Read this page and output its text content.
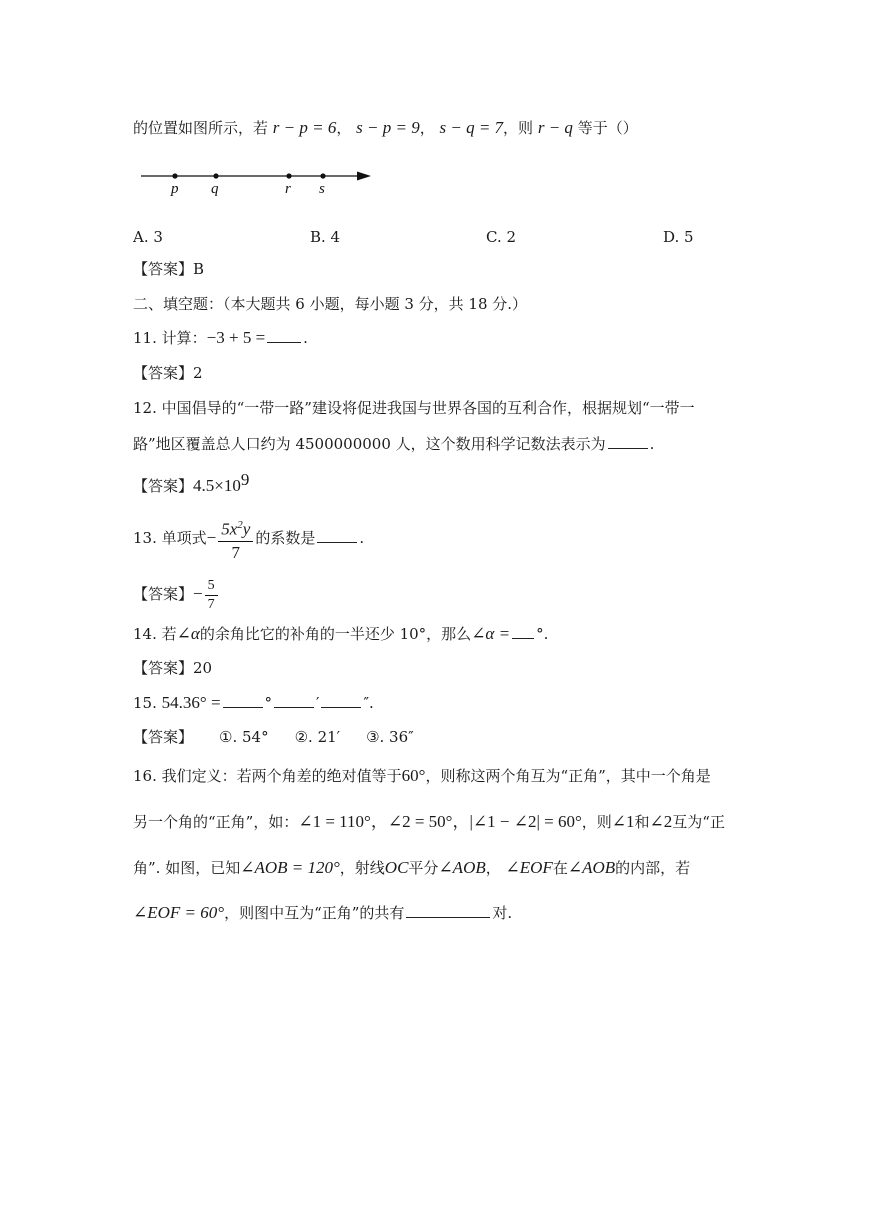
的位置如图所示，若 r − p = 6， s − p = 9， s − q = 7，则 r − q 等于（）
p q	r s
A. 3	B. 4	C. 2	D. 5
【答案】B
二、填空题：（本大题共 6 小题，每小题 3 分，共 18 分.）
11. 计算：−3 + 5 =	.
【答案】2
12. 中国倡导的“一带一路”建设将促进我国与世界各国的互利合作，根据规划“一带一
路”地区覆盖总人口约为 4500000000 人，这个数用科学记数法表示为	.
【答案】$4.5\times 10^9$
13. 单项式− $\frac{5x^2y}{7}$ 的系数是	.
【答案】− $\frac{5}{7}$
14. 若∠α的余角比它的补角的一半还少 10°，那么∠α = °.
【答案】20
15. 54.36° =	°	′	″.
【答案】 ①. 54° ②. 21′ ③. 36″
16. 我们定义：若两个角差的绝对值等于60°，则称这两个角互为“正角”，其中一个角是
另一个角的“正角”，如：∠1 = 110°，∠2 = 50°，|∠1 − ∠2| = 60°，则∠1和∠2互为“正
角”. 如图，已知∠AOB = 120°，射线OC平分∠AOB， ∠EOF在∠AOB的内部，若
∠EOF = 60°，则图中互为“正角”的共有	对.
